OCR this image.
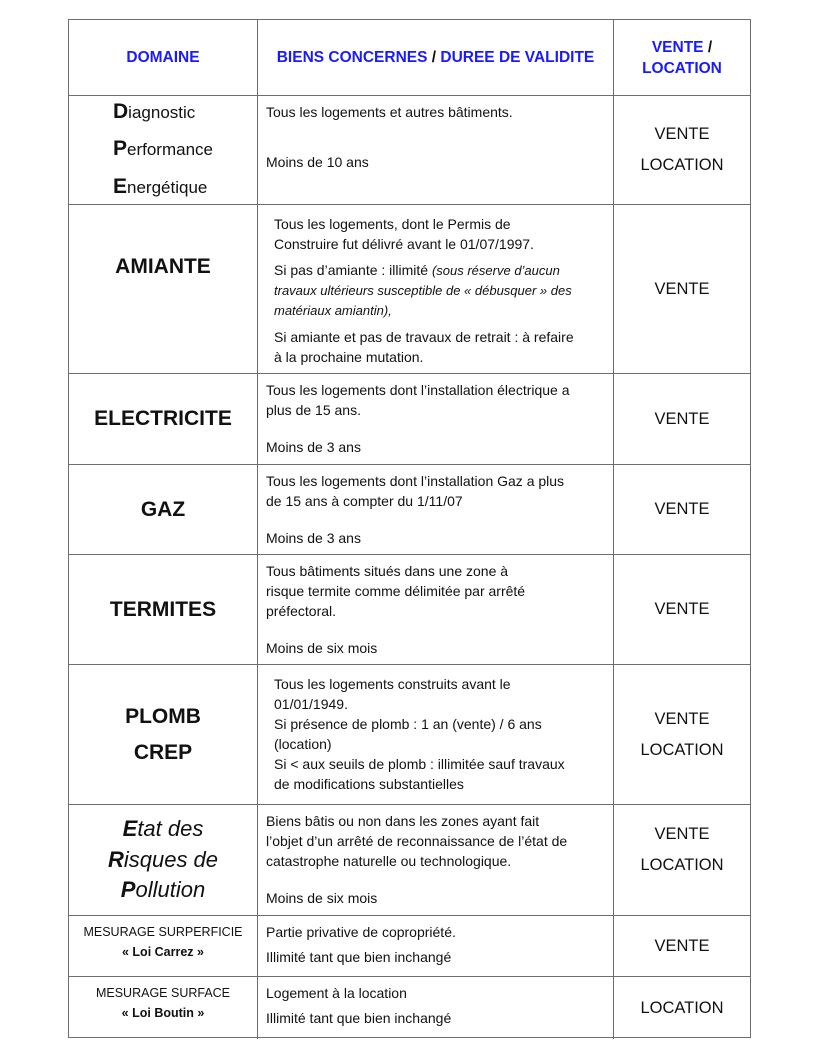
DOMAINE	BIENS CONCERNES / DUREE DE VALIDITE
VENTE /
LOCATION
Diagnostic
Performance
Energétique
Tous les logements et autres bâtiments.
Moins de 10 ans
VENTE
LOCATION
AMIANTE
Tous les logements, dont le Permis de
Construire fut délivré avant le 01/07/1997.
Si pas d’amiante : illimité (sous réserve d’aucun
travaux ultérieurs susceptible de « débusquer » des
matériaux amiantin),
Si amiante et pas de travaux de retrait : à refaire
à la prochaine mutation.
VENTE
ELECTRICITE
Tous les logements dont l’installation électrique a
plus de 15 ans.
Moins de 3 ans
VENTE
GAZ
Tous les logements dont l’installation Gaz a plus
de 15 ans à compter du 1/11/07
Moins de 3 ans
VENTE
TERMITES
Tous bâtiments situés dans une zone à
risque termite comme délimitée par arrêté
préfectoral.
Moins de six mois
VENTE
PLOMB
CREP
Tous les logements construits avant le
01/01/1949.
Si présence de plomb : 1 an (vente) / 6 ans
(location)
Si < aux seuils de plomb : illimitée sauf travaux
de modifications substantielles
VENTE
LOCATION
Etat des
Risques de
Pollution
Biens bâtis ou non dans les zones ayant fait
l’objet d’un arrêté de reconnaissance de l’état de
catastrophe naturelle ou technologique.
Moins de six mois
VENTE
LOCATION
MESURAGE SURPERFICIE
« Loi Carrez »
Partie privative de copropriété.
Illimité tant que bien inchangé
VENTE
MESURAGE SURFACE
« Loi Boutin »
Logement à la location
Illimité tant que bien inchangé
LOCATION
